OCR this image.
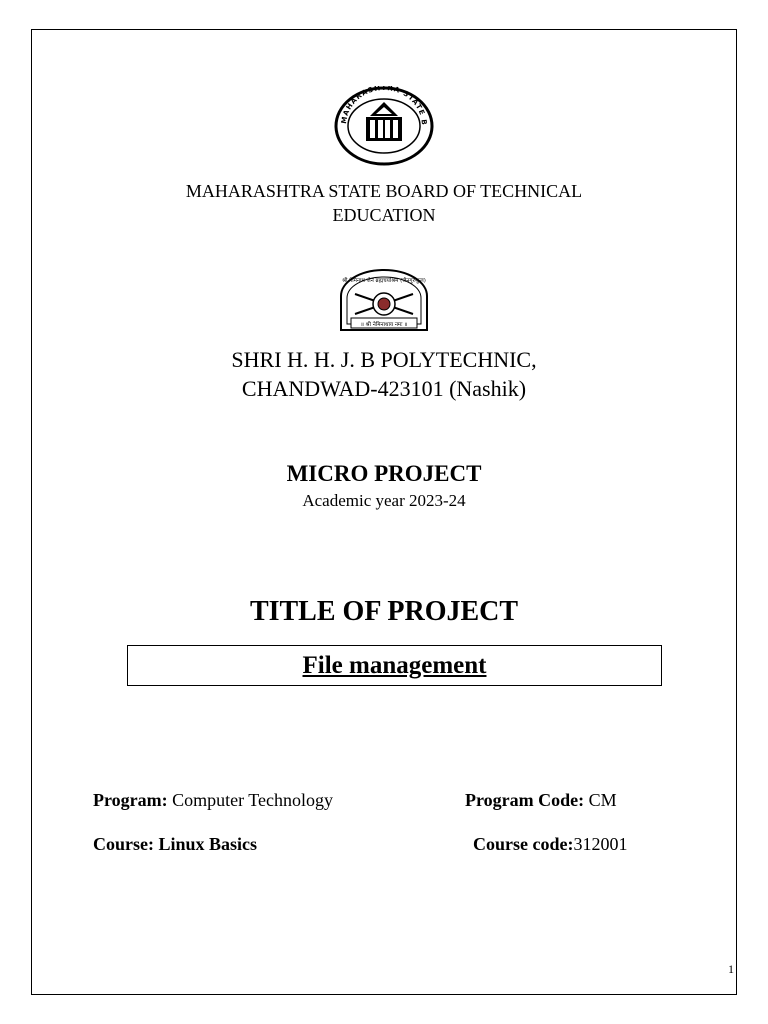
MAHARASHTRA STATE B
MAHARASHTRA STATE BOARD OF TECHNICAL
EDUCATION
श्री नेमिनाथ जैन ब्रह्मचर्याश्रम (जैनगुरुकुल)
॥ श्री नेमिनाथाय नमः ॥
SHRI H. H. J. B POLYTECHNIC,
CHANDWAD-423101 (Nashik)
MICRO PROJECT
Academic year 2023-24
TITLE OF PROJECT
File management
Program: Computer Technology	Program Code: CM
Course: Linux Basics	Course code:312001
1
